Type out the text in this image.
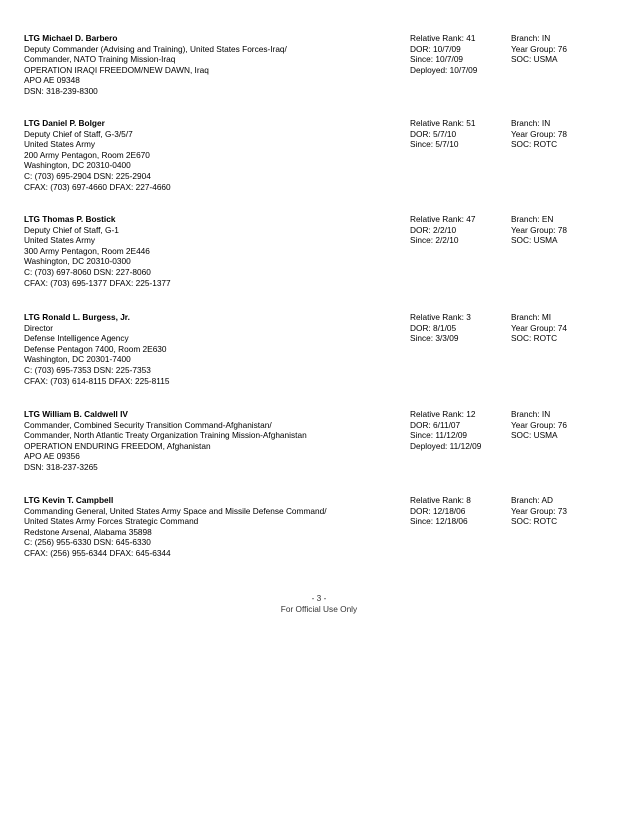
LTG Michael D. Barbero
Deputy Commander (Advising and Training), United States Forces-Iraq/
Commander, NATO Training Mission-Iraq
OPERATION IRAQI FREEDOM/NEW DAWN, Iraq
APO AE 09348
DSN: 318-239-8300
Relative Rank: 41
DOR: 10/7/09
Since: 10/7/09
Deployed: 10/7/09
Branch: IN
Year Group: 76
SOC: USMA
LTG Daniel P. Bolger
Deputy Chief of Staff, G-3/5/7
United States Army
200 Army Pentagon, Room 2E670
Washington, DC 20310-0400
C: (703) 695-2904 DSN: 225-2904
CFAX: (703) 697-4660 DFAX: 227-4660
Relative Rank: 51
DOR: 5/7/10
Since: 5/7/10
Branch: IN
Year Group: 78
SOC: ROTC
LTG Thomas P. Bostick
Deputy Chief of Staff, G-1
United States Army
300 Army Pentagon, Room 2E446
Washington, DC 20310-0300
C: (703) 697-8060 DSN: 227-8060
CFAX: (703) 695-1377 DFAX: 225-1377
Relative Rank: 47
DOR: 2/2/10
Since: 2/2/10
Branch: EN
Year Group: 78
SOC: USMA
LTG Ronald L. Burgess, Jr.
Director
Defense Intelligence Agency
Defense Pentagon 7400, Room 2E630
Washington, DC 20301-7400
C: (703) 695-7353 DSN: 225-7353
CFAX: (703) 614-8115 DFAX: 225-8115
Relative Rank: 3
DOR: 8/1/05
Since: 3/3/09
Branch: MI
Year Group: 74
SOC: ROTC
LTG William B. Caldwell IV
Commander, Combined Security Transition Command-Afghanistan/
Commander, North Atlantic Treaty Organization Training Mission-Afghanistan
OPERATION ENDURING FREEDOM, Afghanistan
APO AE 09356
DSN: 318-237-3265
Relative Rank: 12
DOR: 6/11/07
Since: 11/12/09
Deployed: 11/12/09
Branch: IN
Year Group: 76
SOC: USMA
LTG Kevin T. Campbell
Commanding General, United States Army Space and Missile Defense Command/
United States Army Forces Strategic Command
Redstone Arsenal, Alabama 35898
C: (256) 955-6330 DSN: 645-6330
CFAX: (256) 955-6344 DFAX: 645-6344
Relative Rank: 8
DOR: 12/18/06
Since: 12/18/06
Branch: AD
Year Group: 73
SOC: ROTC
- 3 -
For Official Use Only
